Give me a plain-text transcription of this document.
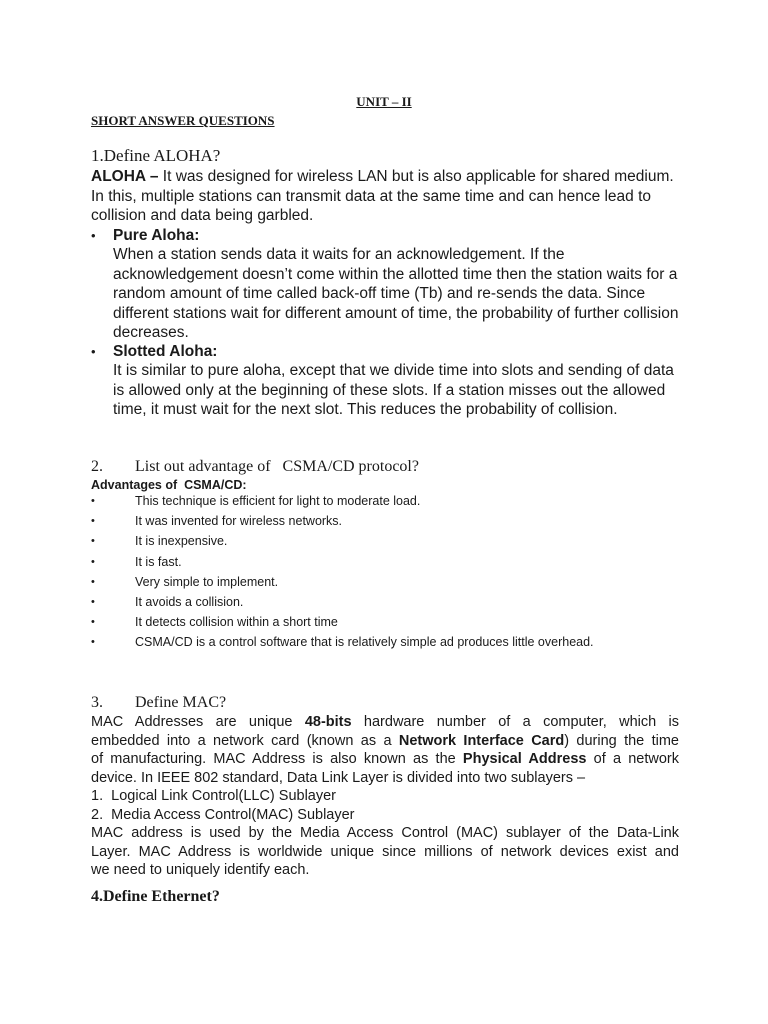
UNIT – II
SHORT ANSWER QUESTIONS
1.Define ALOHA?
ALOHA – It was designed for wireless LAN but is also applicable for shared medium. In this, multiple stations can transmit data at the same time and can hence lead to collision and data being garbled.
• Pure Aloha:
When a station sends data it waits for an acknowledgement. If the acknowledgement doesn’t come within the allotted time then the station waits for a random amount of time called back-off time (Tb) and re-sends the data. Since different stations wait for different amount of time, the probability of further collision decreases.
• Slotted Aloha:
It is similar to pure aloha, except that we divide time into slots and sending of data is allowed only at the beginning of these slots. If a station misses out the allowed time, it must wait for the next slot. This reduces the probability of collision.
2. List out advantage of   CSMA/CD protocol?
Advantages of  CSMA/CD:
•	This technique is efficient for light to moderate load.
•	It was invented for wireless networks.
•	It is inexpensive.
•	It is fast.
•	Very simple to implement.
•	It avoids a collision.
•	It detects collision within a short time
•	CSMA/CD is a control software that is relatively simple ad produces little overhead.
3. Define MAC?
MAC Addresses are unique 48-bits hardware number of a computer, which is
embedded into a network card (known as a Network Interface Card) during the time
of manufacturing. MAC Address is also known as the Physical Address of a network
device. In IEEE 802 standard, Data Link Layer is divided into two sublayers –
1.  Logical Link Control(LLC) Sublayer
2.  Media Access Control(MAC) Sublayer
MAC address is used by the Media Access Control (MAC) sublayer of the Data-Link
Layer. MAC Address is worldwide unique since millions of network devices exist and
we need to uniquely identify each.
4.Define Ethernet?
